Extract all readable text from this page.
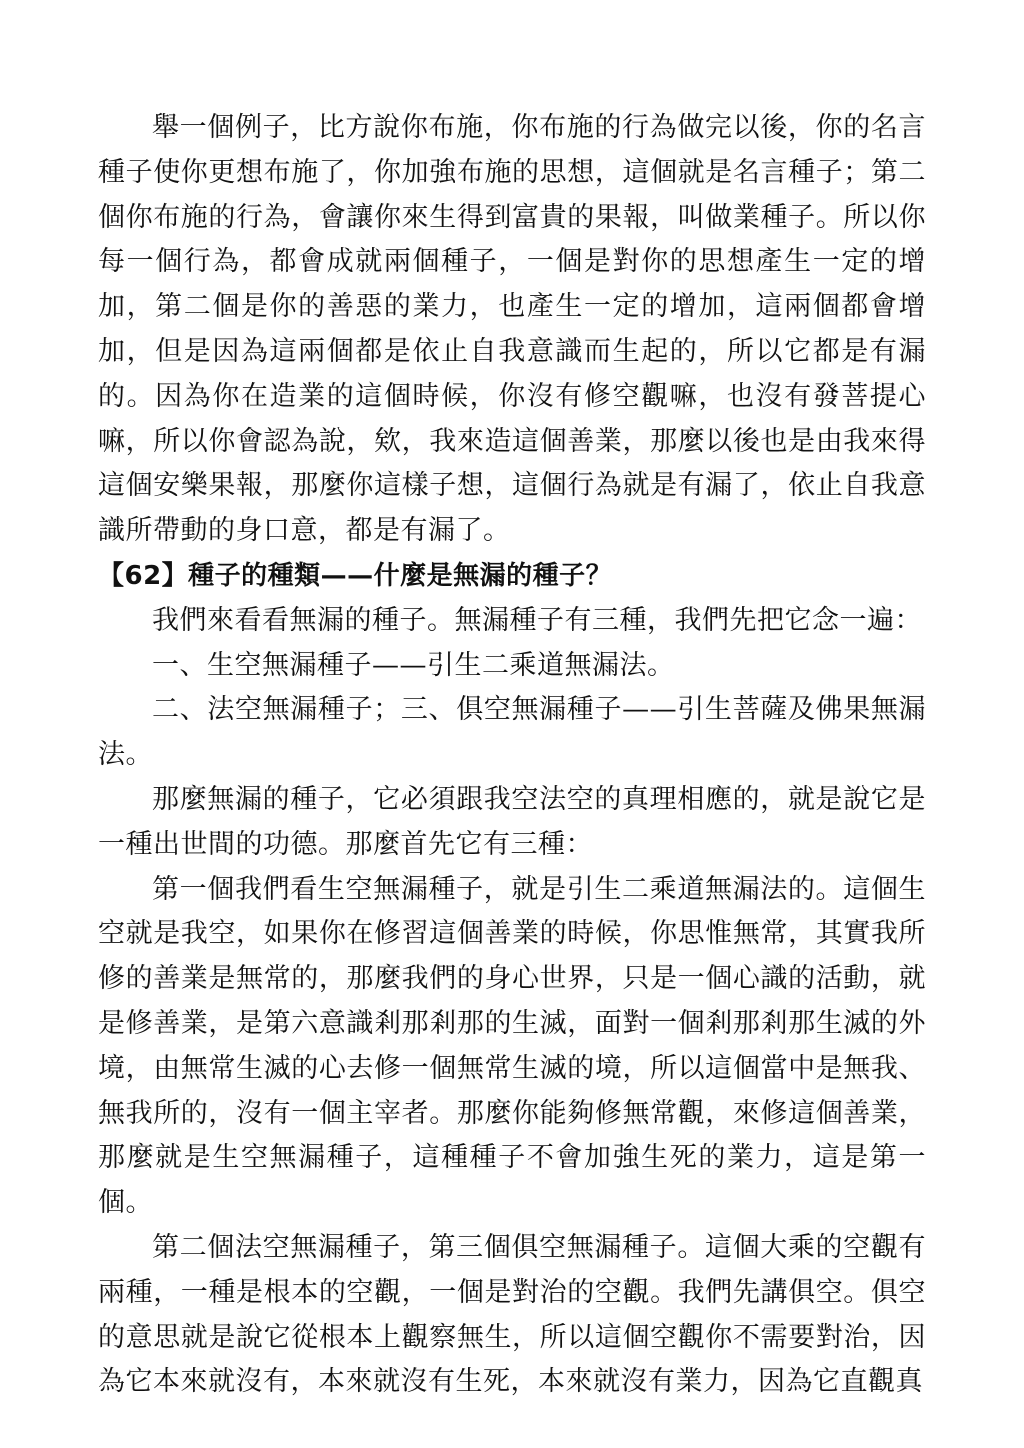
舉一個例子，比方說你布施，你布施的行為做完以後，你的名言種子使你更想布施了，你加強布施的思想，這個就是名言種子；第二個你布施的行為，會讓你來生得到富貴的果報，叫做業種子。所以你每一個行為，都會成就兩個種子，一個是對你的思想產生一定的增加，第二個是你的善惡的業力，也產生一定的增加，這兩個都會增加，但是因為這兩個都是依止自我意識而生起的，所以它都是有漏的。因為你在造業的這個時候，你沒有修空觀嘛，也沒有發菩提心嘛，所以你會認為說，欸，我來造這個善業，那麼以後也是由我來得這個安樂果報，那麼你這樣子想，這個行為就是有漏了，依止自我意識所帶動的身口意，都是有漏了。

【62】種子的種類——什麼是無漏的種子？

我們來看看無漏的種子。無漏種子有三種，我們先把它念一遍：

一、生空無漏種子——引生二乘道無漏法。

二、法空無漏種子；三、俱空無漏種子——引生菩薩及佛果無漏法。

那麼無漏的種子，它必須跟我空法空的真理相應的，就是說它是一種出世間的功德。那麼首先它有三種：

第一個我們看生空無漏種子，就是引生二乘道無漏法的。這個生空就是我空，如果你在修習這個善業的時候，你思惟無常，其實我所修的善業是無常的，那麼我們的身心世界，只是一個心識的活動，就是修善業，是第六意識剎那剎那的生滅，面對一個剎那剎那生滅的外境，由無常生滅的心去修一個無常生滅的境，所以這個當中是無我、無我所的，沒有一個主宰者。那麼你能夠修無常觀，來修這個善業，那麼就是生空無漏種子，這種種子不會加強生死的業力，這是第一個。

第二個法空無漏種子，第三個俱空無漏種子。這個大乘的空觀有兩種，一種是根本的空觀，一個是對治的空觀。我們先講俱空。俱空的意思就是說它從根本上觀察無生，所以這個空觀你不需要對治，因為它本來就沒有，本來就沒有生死，本來就沒有業力，因為它直觀真
